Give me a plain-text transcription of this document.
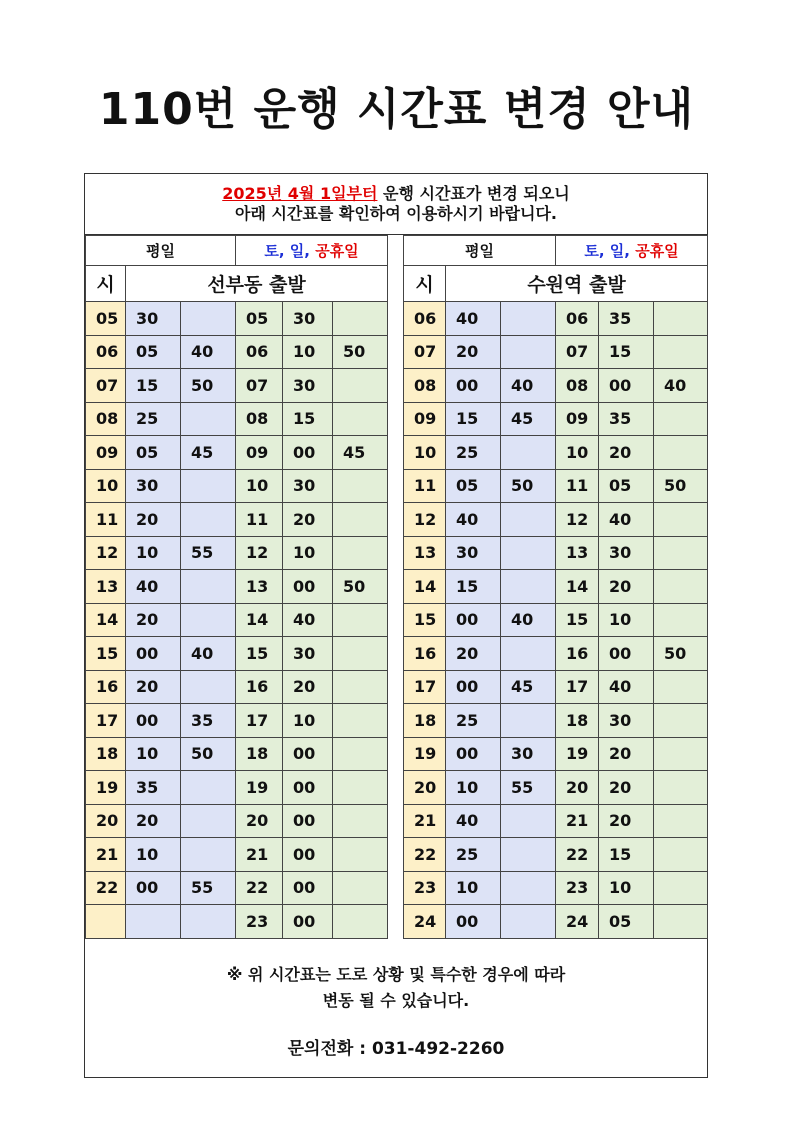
110번 운행 시간표 변경 안내
2025년 4월 1일부터 운행 시간표가 변경 되오니
아래 시간표를 확인하여 이용하시기 바랍니다.
평일			토, 일, 공휴일		
시	선부동 출발				
05	30		05	30	
06	05	40	06	10	50
07	15	50	07	30	
08	25		08	15	
09	05	45	09	00	45
10	30		10	30	
11	20		11	20	
12	10	55	12	10	
13	40		13	00	50
14	20		14	40	
15	00	40	15	30	
16	20		16	20	
17	00	35	17	10	
18	10	50	18	00	
19	35		19	00	
20	20		20	00	
21	10		21	00	
22	00	55	22	00	
			23	00	
평일			토, 일, 공휴일		
시	수원역 출발				
06	40		06	35	
07	20		07	15	
08	00	40	08	00	40
09	15	45	09	35	
10	25		10	20	
11	05	50	11	05	50
12	40		12	40	
13	30		13	30	
14	15		14	20	
15	00	40	15	10	
16	20		16	00	50
17	00	45	17	40	
18	25		18	30	
19	00	30	19	20	
20	10	55	20	20	
21	40		21	20	
22	25		22	15	
23	10		23	10	
24	00		24	05	
※ 위 시간표는 도로 상황 및 특수한 경우에 따라
변동 될 수 있습니다.
문의전화 : 031-492-2260
